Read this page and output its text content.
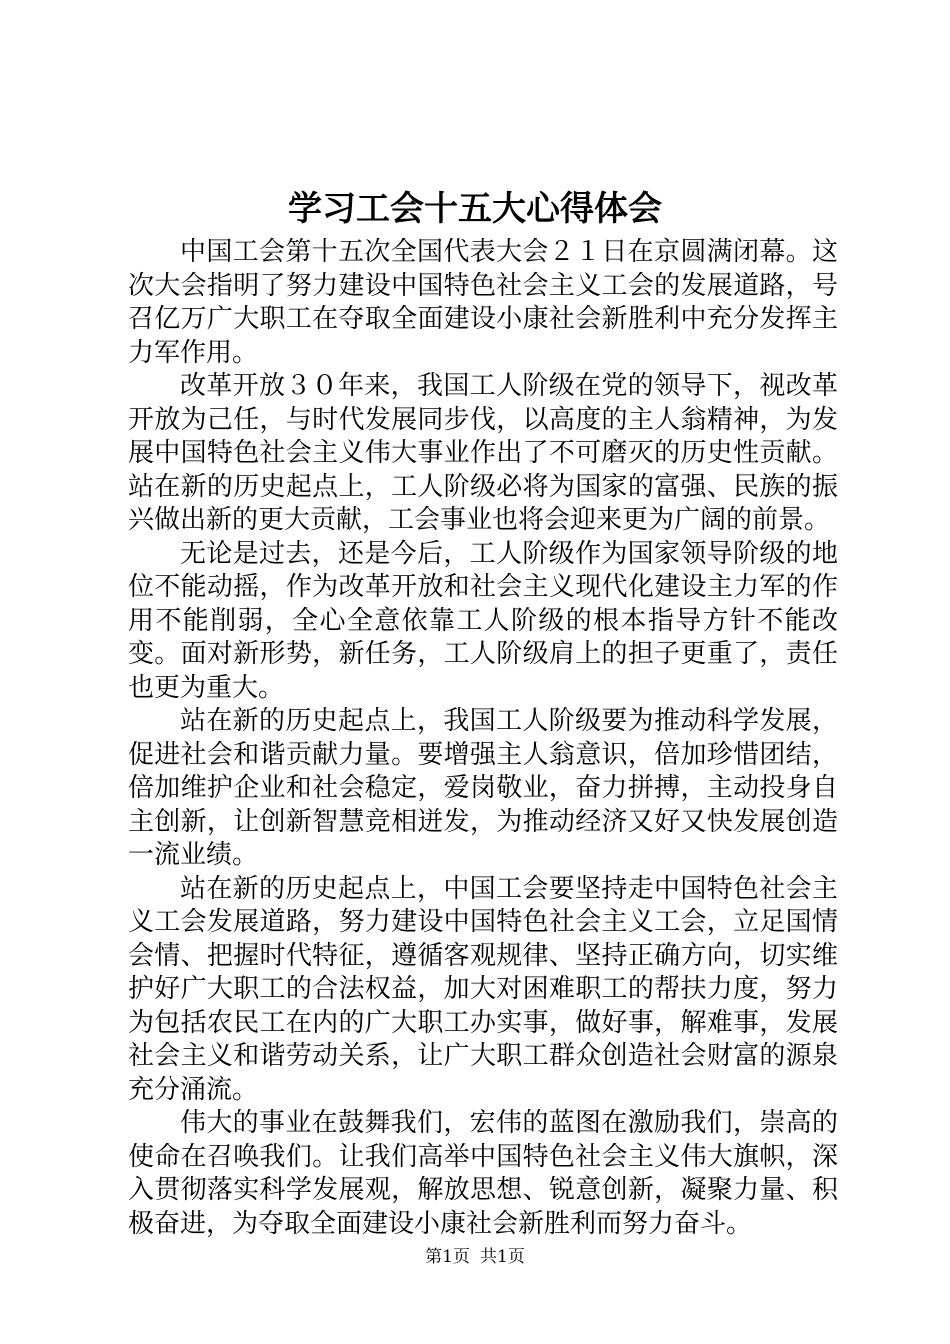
学习工会十五大心得体会

中国工会第十五次全国代表大会２１日在京圆满闭幕。这次大会指明了努力建设中国特色社会主义工会的发展道路，号召亿万广大职工在夺取全面建设小康社会新胜利中充分发挥主力军作用。

改革开放３０年来，我国工人阶级在党的领导下，视改革开放为己任，与时代发展同步伐，以高度的主人翁精神，为发展中国特色社会主义伟大事业作出了不可磨灭的历史性贡献。站在新的历史起点上，工人阶级必将为国家的富强、民族的振兴做出新的更大贡献，工会事业也将会迎来更为广阔的前景。

无论是过去，还是今后，工人阶级作为国家领导阶级的地位不能动摇，作为改革开放和社会主义现代化建设主力军的作用不能削弱，全心全意依靠工人阶级的根本指导方针不能改变。面对新形势，新任务，工人阶级肩上的担子更重了，责任也更为重大。

站在新的历史起点上，我国工人阶级要为推动科学发展，促进社会和谐贡献力量。要增强主人翁意识，倍加珍惜团结，倍加维护企业和社会稳定，爱岗敬业，奋力拼搏，主动投身自主创新，让创新智慧竞相迸发，为推动经济又好又快发展创造一流业绩。

站在新的历史起点上，中国工会要坚持走中国特色社会主义工会发展道路，努力建设中国特色社会主义工会，立足国情会情、把握时代特征，遵循客观规律、坚持正确方向，切实维护好广大职工的合法权益，加大对困难职工的帮扶力度，努力为包括农民工在内的广大职工办实事，做好事，解难事，发展社会主义和谐劳动关系，让广大职工群众创造社会财富的源泉充分涌流。

伟大的事业在鼓舞我们，宏伟的蓝图在激励我们，崇高的使命在召唤我们。让我们高举中国特色社会主义伟大旗帜，深入贯彻落实科学发展观，解放思想、锐意创新，凝聚力量、积极奋进，为夺取全面建设小康社会新胜利而努力奋斗。

第1页 共1页
